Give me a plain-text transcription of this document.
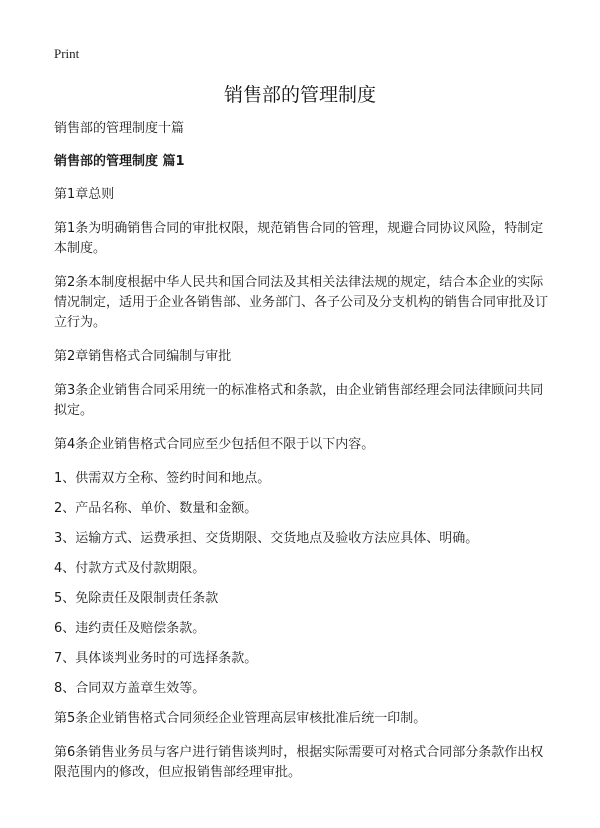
Print
销售部的管理制度

销售部的管理制度十篇

销售部的管理制度 篇1

第1章总则

第1条为明确销售合同的审批权限，规范销售合同的管理，规避合同协议风险，特制定本制度。

第2条本制度根据中华人民共和国合同法及其相关法律法规的规定，结合本企业的实际情况制定，适用于企业各销售部、业务部门、各子公司及分支机构的销售合同审批及订立行为。

第2章销售格式合同编制与审批

第3条企业销售合同采用统一的标准格式和条款，由企业销售部经理会同法律顾问共同拟定。

第4条企业销售格式合同应至少包括但不限于以下内容。

1、供需双方全称、签约时间和地点。
2、产品名称、单价、数量和金额。
3、运输方式、运费承担、交货期限、交货地点及验收方法应具体、明确。
4、付款方式及付款期限。
5、免除责任及限制责任条款
6、违约责任及赔偿条款。
7、具体谈判业务时的可选择条款。
8、合同双方盖章生效等。

第5条企业销售格式合同须经企业管理高层审核批准后统一印制。

第6条销售业务员与客户进行销售谈判时，根据实际需要可对格式合同部分条款作出权限范围内的修改，但应报销售部经理审批。
